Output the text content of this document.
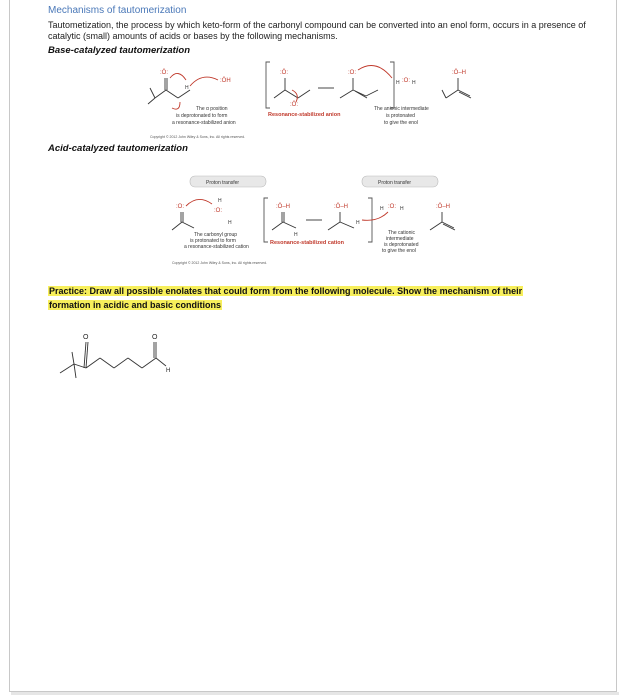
Mechanisms of tautomerization
Tautometization, the process by which keto-form of the carbonyl compound can be converted into an enol form, occurs in a presence of catalytic (small) amounts of acids or bases by the following mechanisms.
Base-catalyzed tautomerization
:Ö:
H
:ÖH
:Ö:
:Ö:
:O:
H :O: H
:Ö–H
The α position
is deprotonated to form
a resonance-stabilized anion
Resonance-stabilized anion
The anionic intermediate
is protonated
to give the enol
Copyright © 2012 John Wiley & Sons, Inc. All rights reserved.
Acid-catalyzed tautomerization
Proton transfer	Proton transfer
:O:
H
:O:
H
:Ö–H
H
:Ö–H
H
H :O: H	:Ö–H
The carbonyl group
is protonated to form
a resonance-stabilized cation
Resonance-stabilized cation
The cationic
intermediate
is deprotonated
to give the enol
Copyright © 2012 John Wiley & Sons, Inc. All rights reserved.
Practice: Draw all possible enolates that could form from the following molecule. Show the mechanism of their
formation in acidic and basic conditions
O	O
H
